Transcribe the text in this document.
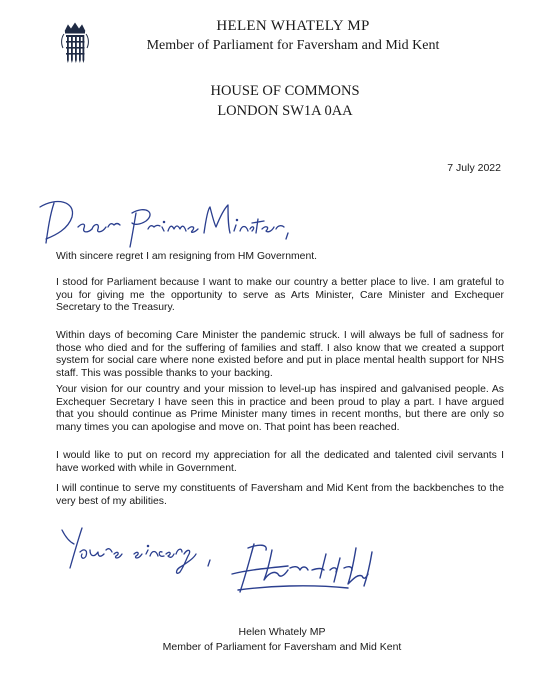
HELEN WHATELY MP
Member of Parliament for Faversham and Mid Kent
HOUSE OF COMMONS
LONDON SW1A 0AA
7 July 2022
With sincere regret I am resigning from HM Government.
I stood for Parliament because I want to make our country a better place to live. I am grateful to you for giving me the opportunity to serve as Arts Minister, Care Minister and Exchequer Secretary to the Treasury.
Within days of becoming Care Minister the pandemic struck. I will always be full of sadness for those who died and for the suffering of families and staff. I also know that we created a support system for social care where none existed before and put in place mental health support for NHS staff. This was possible thanks to your backing.
Your vision for our country and your mission to level-up has inspired and galvanised people. As Exchequer Secretary I have seen this in practice and been proud to play a part. I have argued that you should continue as Prime Minister many times in recent months, but there are only so many times you can apologise and move on. That point has been reached.
I would like to put on record my appreciation for all the dedicated and talented civil servants I have worked with while in Government.
I will continue to serve my constituents of Faversham and Mid Kent from the backbenches to the very best of my abilities.
Helen Whately MP
Member of Parliament for Faversham and Mid Kent
